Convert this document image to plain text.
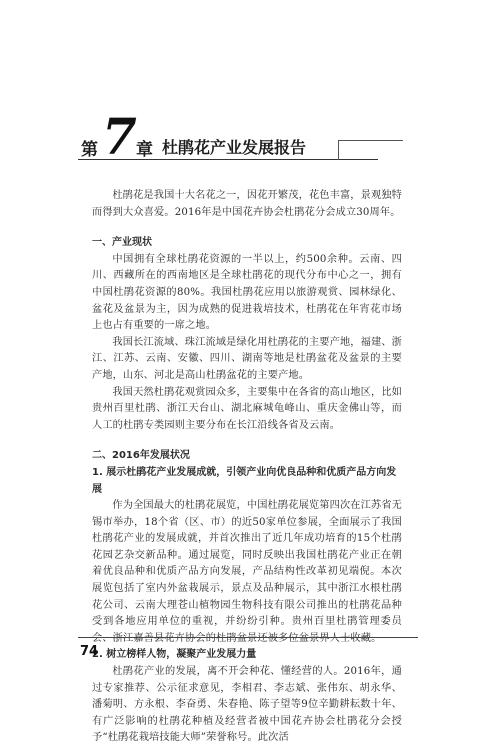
第 7 章 杜鹃花产业发展报告

杜鹃花是我国十大名花之一，因花开繁茂，花色丰富，景观独特而得到大众喜爱。2016年是中国花卉协会杜鹃花分会成立30周年。

一、产业现状

中国拥有全球杜鹃花资源的一半以上，约500余种。云南、四川、西藏所在的西南地区是全球杜鹃花的现代分布中心之一，拥有中国杜鹃花资源的80%。我国杜鹃花应用以旅游观赏、园林绿化、盆花及盆景为主，因为成熟的促进栽培技术，杜鹃花在年宵花市场上也占有重要的一席之地。

我国长江流域、珠江流域是绿化用杜鹃花的主要产地，福建、浙江、江苏、云南、安徽、四川、湖南等地是杜鹃盆花及盆景的主要产地，山东、河北是高山杜鹃盆花的主要产地。

我国天然杜鹃花观赏园众多，主要集中在各省的高山地区，比如贵州百里杜鹃、浙江天台山、湖北麻城龟峰山、重庆金佛山等，而人工的杜鹃专类园则主要分布在长江沿线各省及云南。

二、2016年发展状况

1. 展示杜鹃花产业发展成就，引领产业向优良品种和优质产品方向发展

作为全国最大的杜鹃花展览，中国杜鹃花展览第四次在江苏省无锡市举办，18个省（区、市）的近50家单位参展，全面展示了我国杜鹃花产业的发展成就，并首次推出了近几年成功培育的15个杜鹃花园艺杂交新品种。通过展览，同时反映出我国杜鹃花产业正在朝着优良品种和优质产品方向发展，产品结构性改革初见端倪。本次展览包括了室内外盆栽展示，景点及品种展示，其中浙江水根杜鹃花公司、云南大理苍山植物园生物科技有限公司推出的杜鹃花品种受到各地应用单位的重视，并纷纷引种。贵州百里杜鹃管理委员会、浙江嘉善县花卉协会的杜鹃盆景还被多位盆景界人士收藏。

2. 树立榜样人物，凝聚产业发展力量

杜鹃花产业的发展，离不开会种花、懂经营的人。2016年，通过专家推荐、公示征求意见，李相君、李志斌、张伟东、胡永华、潘菊明、方永根、李奋勇、朱春艳、陈子望等9位辛勤耕耘数十年、有广泛影响的杜鹃花种植及经营者被中国花卉协会杜鹃花分会授予“杜鹃花栽培技能大师”荣誉称号。此次活

74
